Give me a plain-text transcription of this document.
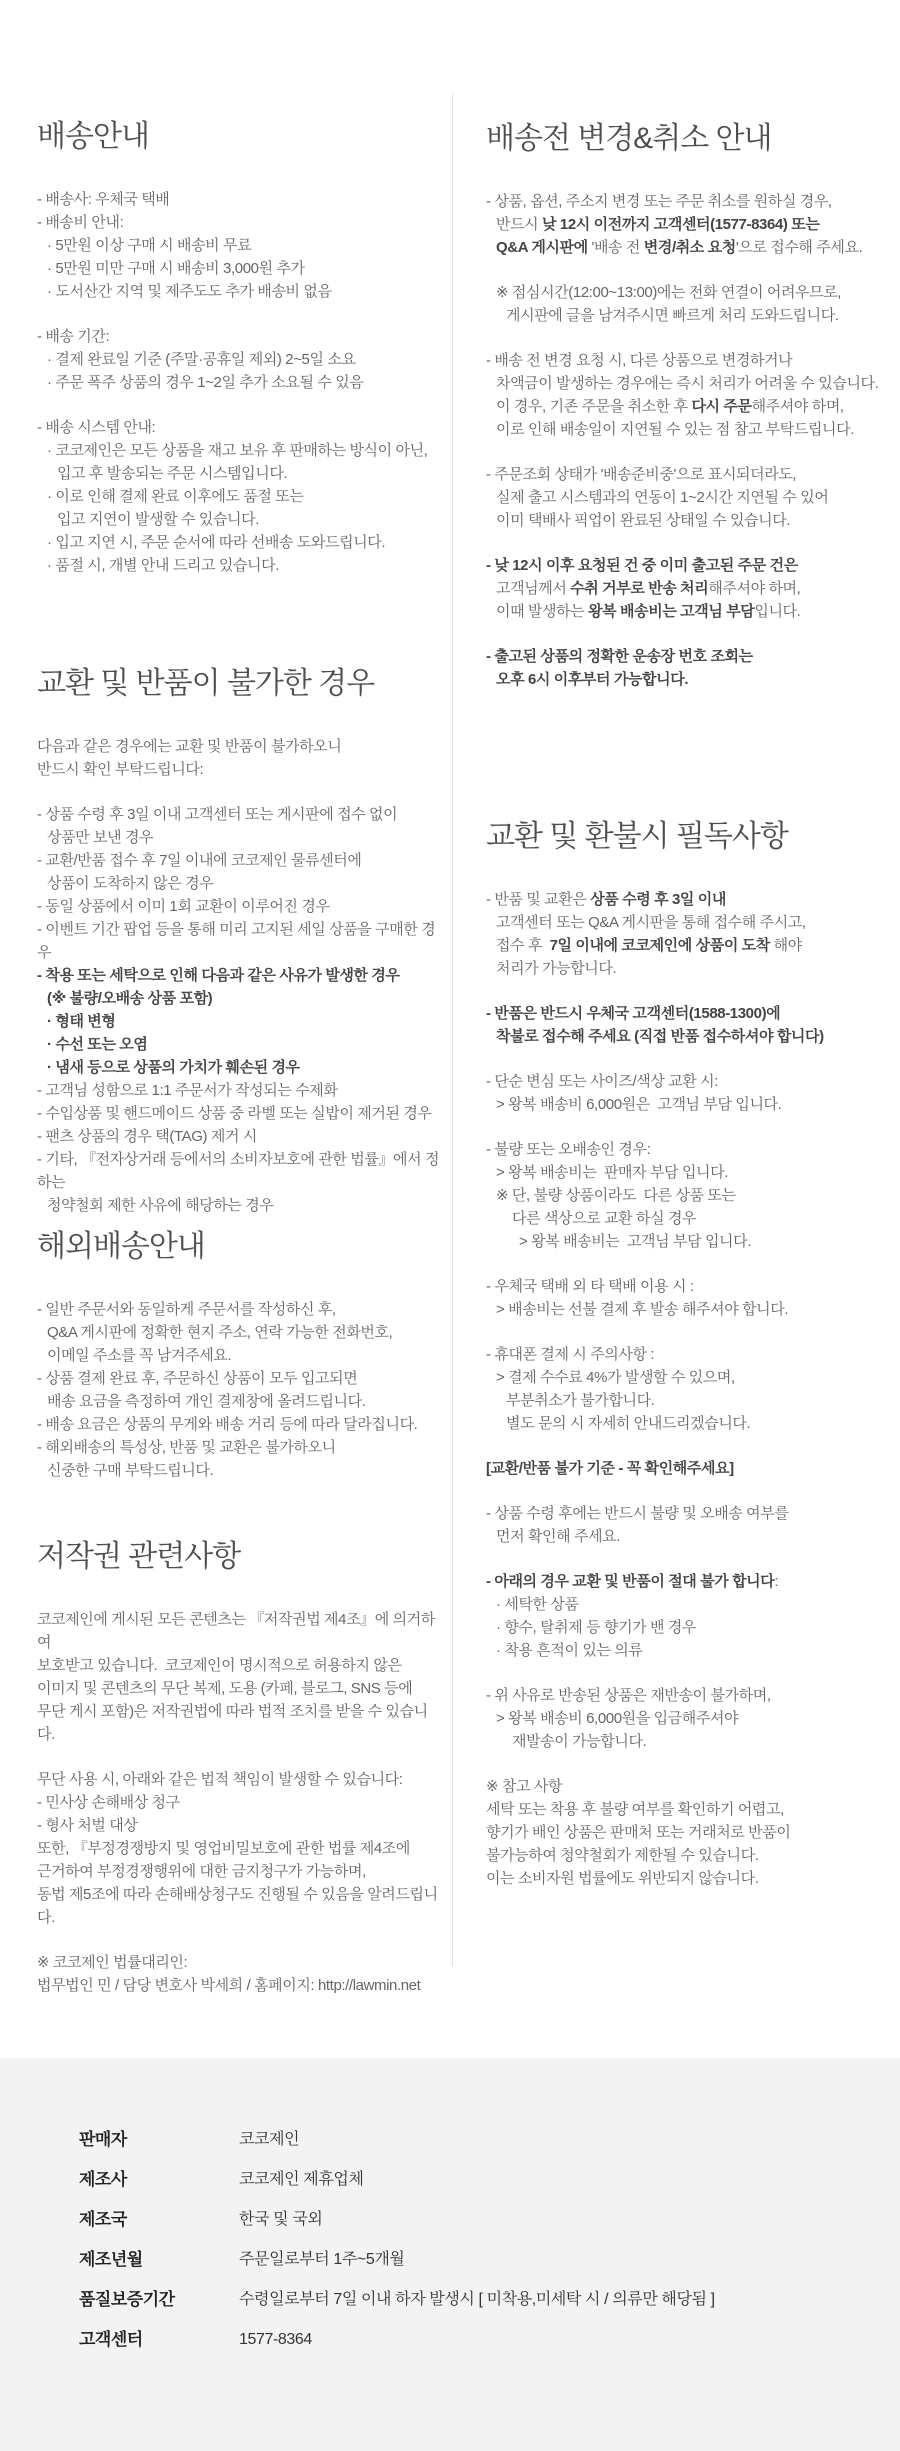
배송안내

- 배송사: 우체국 택배

- 배송비 안내:

· 5만원 이상 구매 시 배송비 무료

· 5만원 미만 구매 시 배송비 3,000원 추가

· 도서산간 지역 및 제주도도 추가 배송비 없음

- 배송 기간:

· 결제 완료일 기준 (주말·공휴일 제외) 2~5일 소요

· 주문 폭주 상품의 경우 1~2일 추가 소요될 수 있음

- 배송 시스템 안내:

· 코코제인은 모든 상품을 재고 보유 후 판매하는 방식이 아닌,

입고 후 발송되는 주문 시스템입니다.

· 이로 인해 결제 완료 이후에도 품절 또는

입고 지연이 발생할 수 있습니다.

· 입고 지연 시, 주문 순서에 따라 선배송 도와드립니다.

· 품절 시, 개별 안내 드리고 있습니다.

교환 및 반품이 불가한 경우

다음과 같은 경우에는 교환 및 반품이 불가하오니

반드시 확인 부탁드립니다:

- 상품 수령 후 3일 이내 고객센터 또는 게시판에 접수 없이

상품만 보낸 경우

- 교환/반품 접수 후 7일 이내에 코코제인 물류센터에

상품이 도착하지 않은 경우

- 동일 상품에서 이미 1회 교환이 이루어진 경우

- 이벤트 기간 팝업 등을 통해 미리 고지된 세일 상품을 구매한 경우

- 착용 또는 세탁으로 인해 다음과 같은 사유가 발생한 경우

(※ 불량/오배송 상품 포함)

· 형태 변형

· 수선 또는 오염

· 냄새 등으로 상품의 가치가 훼손된 경우

- 고객님 성함으로 1:1 주문서가 작성되는 수제화

- 수입상품 및 핸드메이드 상품 중 라벨 또는 실밥이 제거된 경우

- 팬츠 상품의 경우 택(TAG) 제거 시

- 기타, 『전자상거래 등에서의 소비자보호에 관한 법률』에서 정하는

청약철회 제한 사유에 해당하는 경우

해외배송안내

- 일반 주문서와 동일하게 주문서를 작성하신 후,

Q&A 게시판에 정확한 현지 주소, 연락 가능한 전화번호,

이메일 주소를 꼭 남겨주세요.

- 상품 결제 완료 후, 주문하신 상품이 모두 입고되면

배송 요금을 측정하여 개인 결제창에 올려드립니다.

- 배송 요금은 상품의 무게와 배송 거리 등에 따라 달라집니다.

- 해외배송의 특성상, 반품 및 교환은 불가하오니

신중한 구매 부탁드립니다.

저작권 관련사항

코코제인에 게시된 모든 콘텐츠는 『저작권법 제4조』에 의거하여

보호받고 있습니다.  코코제인이 명시적으로 허용하지 않은

이미지 및 콘텐츠의 무단 복제, 도용 (카페, 블로그, SNS 등에

무단 게시 포함)은 저작권법에 따라 법적 조치를 받을 수 있습니다.

무단 사용 시, 아래와 같은 법적 책임이 발생할 수 있습니다:

- 민사상 손해배상 청구

- 형사 처벌 대상

또한, 『부정경쟁방지 및 영업비밀보호에 관한 법률 제4조에

근거하여 부정경쟁행위에 대한 금지청구가 가능하며,

동법 제5조에 따라 손해배상청구도 진행될 수 있음을 알려드립니다.

※ 코코제인 법률대리인:

법무법인 민 / 담당 변호사 박세희 / 홈페이지: http://lawmin.net

배송전 변경&취소 안내

- 상품, 옵션, 주소지 변경 또는 주문 취소를 원하실 경우,

반드시 낮 12시 이전까지 고객센터(1577-8364) 또는

Q&A 게시판에 '배송 전 변경/취소 요청'으로 접수해 주세요.

※ 점심시간(12:00~13:00)에는 전화 연결이 어려우므로,

게시판에 글을 남겨주시면 빠르게 처리 도와드립니다.

- 배송 전 변경 요청 시, 다른 상품으로 변경하거나

차액금이 발생하는 경우에는 즉시 처리가 어려울 수 있습니다.

이 경우, 기존 주문을 취소한 후 다시 주문해주셔야 하며,

이로 인해 배송일이 지연될 수 있는 점 참고 부탁드립니다.

- 주문조회 상태가 '배송준비중'으로 표시되더라도,

실제 출고 시스템과의 연동이 1~2시간 지연될 수 있어

이미 택배사 픽업이 완료된 상태일 수 있습니다.

- 낮 12시 이후 요청된 건 중 이미 출고된 주문 건은

고객님께서 수취 거부로 반송 처리해주셔야 하며,

이때 발생하는 왕복 배송비는 고객님 부담입니다.

- 출고된 상품의 정확한 운송장 번호 조회는

오후 6시 이후부터 가능합니다.

교환 및 환불시 필독사항

- 반품 및 교환은 상품 수령 후 3일 이내

고객센터 또는 Q&A 게시판을 통해 접수해 주시고,

접수 후  7일 이내에 코코제인에 상품이 도착 해야

처리가 가능합니다.

- 반품은 반드시 우체국 고객센터(1588-1300)에

착불로 접수해 주세요 (직접 반품 접수하셔야 합니다)

- 단순 변심 또는 사이즈/색상 교환 시:

> 왕복 배송비 6,000원은  고객님 부담 입니다.

- 불량 또는 오배송인 경우:

> 왕복 배송비는  판매자 부담 입니다.

※ 단, 불량 상품이라도  다른 상품 또는

다른 색상으로 교환 하실 경우

> 왕복 배송비는  고객님 부담 입니다.

- 우체국 택배 외 타 택배 이용 시 :

> 배송비는 선불 결제 후 발송 해주셔야 합니다.

- 휴대폰 결제 시 주의사항 :

> 결제 수수료 4%가 발생할 수 있으며,

부분취소가 불가합니다.

별도 문의 시 자세히 안내드리겠습니다.

[교환/반품 불가 기준 - 꼭 확인해주세요]

- 상품 수령 후에는 반드시 불량 및 오배송 여부를

먼저 확인해 주세요.

- 아래의 경우 교환 및 반품이 절대 불가 합니다:

· 세탁한 상품

· 향수, 탈취제 등 향기가 밴 경우

· 착용 흔적이 있는 의류

- 위 사유로 반송된 상품은 재반송이 불가하며,

> 왕복 배송비 6,000원을 입금해주셔야

재발송이 가능합니다.

※ 참고 사항

세탁 또는 착용 후 불량 여부를 확인하기 어렵고,

향기가 배인 상품은 판매처 또는 거래처로 반품이

불가능하여 청약철회가 제한될 수 있습니다.

이는 소비자원 법률에도 위반되지 않습니다.

판매자	코코제인
제조사	코코제인 제휴업체
제조국	한국 및 국외
제조년월	주문일로부터 1주~5개월
품질보증기간	수령일로부터 7일 이내 하자 발생시 [ 미착용,미세탁 시 / 의류만 해당됨 ]
고객센터	1577-8364
